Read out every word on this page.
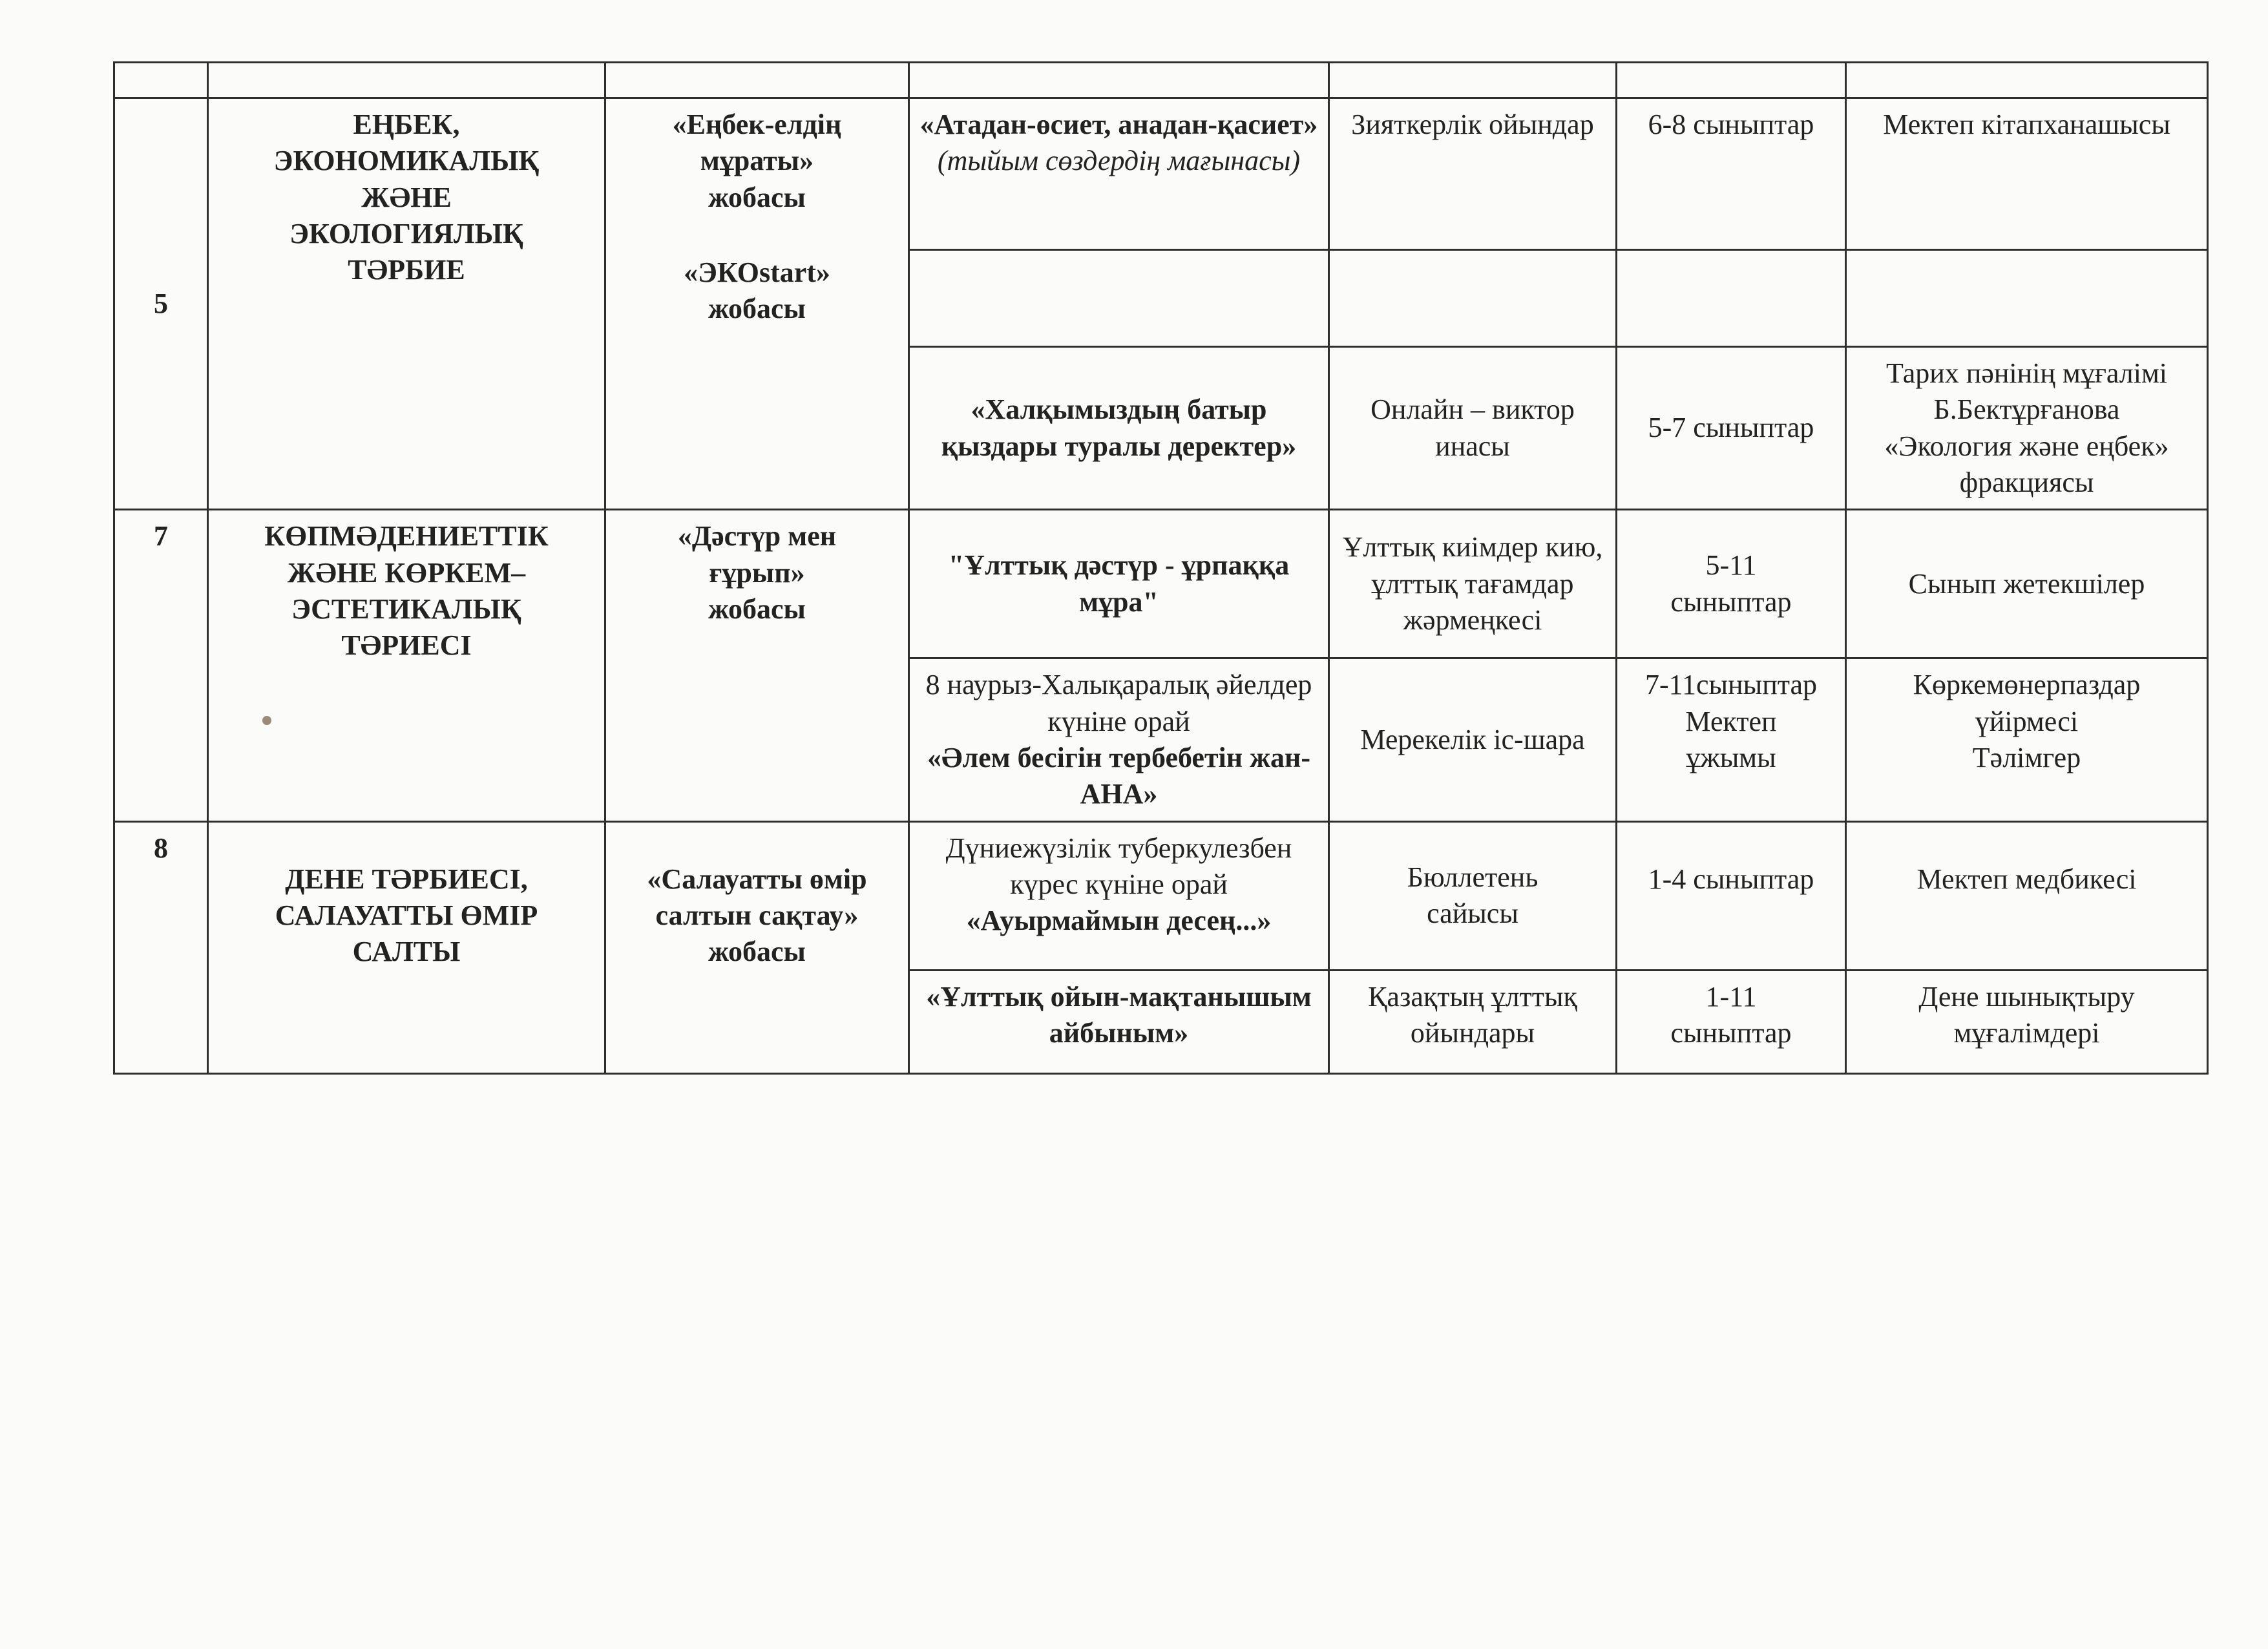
5	ЕҢБЕК,
ЭКОНОМИКАЛЫҚ
ЖӘНЕ
ЭКОЛОГИЯЛЫҚ
ТӘРБИЕ	«Еңбек-елдің
мұраты»
жобасы
«ЭКОstart»
жобасы	«Атадан-өсиет, анадан-қасиет»
(тыйым сөздердің мағынасы)	Зияткерлік ойындар	6-8 сыныптар	Мектеп кітапханашысы

			«Халқымыздың батыр қыздары туралы деректер»	Онлайн – виктор инасы	5-7 сыныптар	Тарих пәнінің мұғалімі
Б.Бектұрғанова
«Экология және еңбек»
фракциясы

7	КӨПМӘДЕНИЕТТІК
ЖӘНЕ КӨРКЕМ–
ЭСТЕТИКАЛЫҚ
ТӘРИЕСІ	«Дәстүр мен
ғұрып»
жобасы	"Ұлттық дәстүр - ұрпаққа мұра"	Ұлттық киімдер кию, ұлттық тағамдар жәрмеңкесі	5-11
сыныптар	Сынып жетекшілер

			8 наурыз-Халықаралық әйелдер күніне орай
«Әлем бесігін тербебетін жан-АНА»	Мерекелік іс-шара	7-11сыныптар
Мектеп
ұжымы	Көркемөнерпаздар
үйірмесі
Тәлімгер

8	ДЕНЕ ТӘРБИЕСІ,
САЛАУАТТЫ ӨМІР
САЛТЫ	«Салауатты өмір
салтын сақтау»
жобасы	Дүниежүзілік туберкулезбен күрес күніне орай
«Ауырмаймын десең...»	Бюллетень
сайысы	1-4 сыныптар	Мектеп медбикесі
			«Ұлттық ойын-мақтанышым айбыным»	Қазақтың ұлттық ойындары	1-11
сыныптар	Дене шынықтыру
мұғалімдері
